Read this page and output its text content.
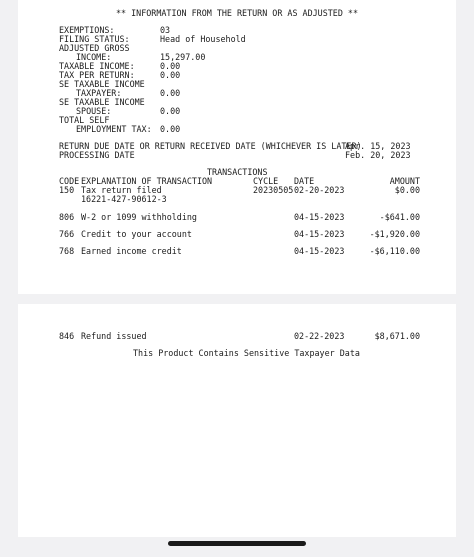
** INFORMATION FROM THE RETURN OR AS ADJUSTED **
EXEMPTIONS:	03
FILING STATUS:	Head of Household
ADJUSTED GROSS
INCOME:	15,297.00
TAXABLE INCOME:	0.00
TAX PER RETURN:	0.00
SE TAXABLE INCOME
TAXPAYER:	0.00
SE TAXABLE INCOME
SPOUSE:	0.00
TOTAL SELF
EMPLOYMENT TAX: 0.00
RETURN DUE DATE OR RETURN RECEIVED DATE (WHICHEVER IS LATER)
Apr. 15, 2023
PROCESSING DATE	Feb. 20, 2023
TRANSACTIONS
CODE EXPLANATION OF TRANSACTION	CYCLE DATE	AMOUNT
150 Tax return filed	20230505 02-20-2023	$0.00
16221-427-90612-3
806 W-2 or 1099 withholding	04-15-2023	-$641.00
766 Credit to your account	04-15-2023	-$1,920.00
768 Earned income credit	04-15-2023	-$6,110.00
846 Refund issued	02-22-2023	$8,671.00
This Product Contains Sensitive Taxpayer Data
